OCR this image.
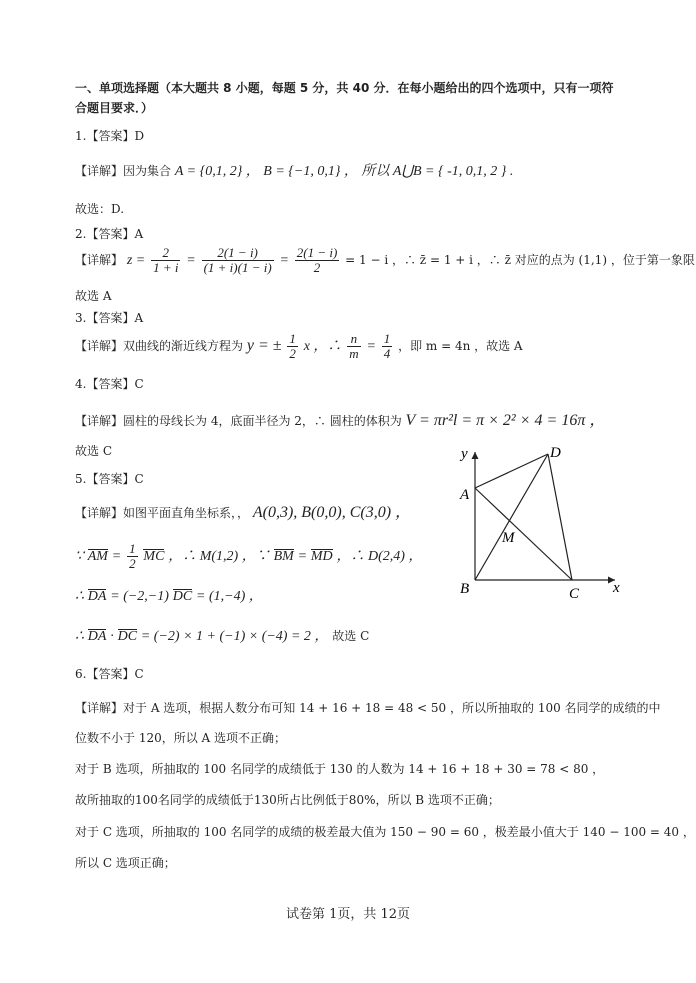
一、单项选择题（本大题共 8 小题，每题 5 分，共 40 分．在每小题给出的四个选项中，只有一项符
合题目要求．）
1.【答案】D
【详解】因为集合 A = {0,1, 2} ， B = {−1, 0,1} ， 所以 A⋃B = { -1, 0,1, 2 } .
故选：D.
2.【答案】A
【详解】 $z = \frac{2}{1 + i} = \frac{2(1 - i)}{(1 + i)(1 - i)} = \frac{2(1 - i)}{2} = 1 - i$ ，∴ z̄ = 1 + i ，∴ z̄ 对应的点为 (1,1) ，位于第一象限
故选 A
3.【答案】A
【详解】双曲线的渐近线方程为 y = ± $\frac{1}{2}$ x ，∴ $\frac{n}{m} = \frac{1}{4}$ ，即 m = 4n ，故选 A
4.【答案】C
【详解】圆柱的母线长为 4，底面半径为 2，∴ 圆柱的体积为 V = πr²l = π × 2² × 4 = 16π ，
故选 C
5.【答案】C
【详解】如图平面直角坐标系，， A(0,3), B(0,0), C(3,0) ，
∵ AM = $\frac{1}{2}$ MC ，∴ M(1,2) ，∵ BM = MD ，∴ D(2,4) ，
∴ DA = (−2,−1) DC = (1,−4) ，
∴ DA · DC = (−2) × 1 + (−1) × (−4) = 2 ， 故选 C
y
x
A
B	C
D
M
6.【答案】C
【详解】对于 A 选项，根据人数分布可知 14 + 16 + 18 = 48 < 50 ，所以所抽取的 100 名同学的成绩的中
位数不小于 120，所以 A 选项不正确；
对于 B 选项，所抽取的 100 名同学的成绩低于 130 的人数为 14 + 16 + 18 + 30 = 78 < 80 ，
故所抽取的100名同学的成绩低于130所占比例低于80%，所以 B 选项不正确；
对于 C 选项，所抽取的 100 名同学的成绩的极差最大值为 150 − 90 = 60 ，极差最小值大于 140 − 100 = 40 ，
所以 C 选项正确；
试卷第 1页，共 12页
